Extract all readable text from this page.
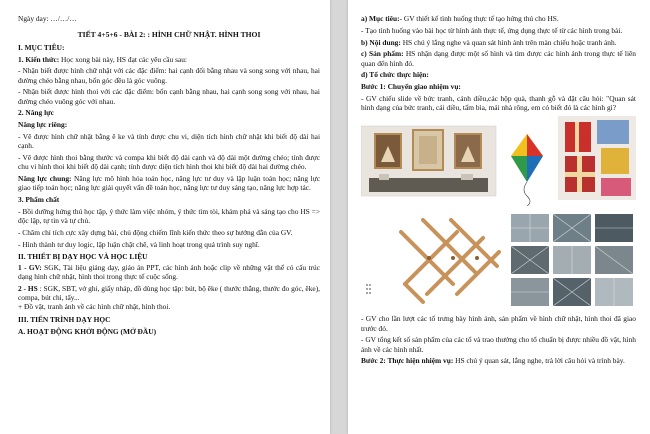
Ngày day: …/…/…

TIẾT 4+5+6 - BÀI 2: : HÌNH CHỮ NHẬT. HÌNH THOI

I. MỤC TIÊU:

1. Kiến thức: Học xong bài này, HS đạt các yêu cầu sau:

- Nhận biết được hình chữ nhật với các đặc điểm: hai cạnh đối bằng nhau và song song với nhau, hai đường chéo bằng nhau, bốn góc đều là góc vuông.

- Nhận biết được hình thoi với các đặc điểm: bốn cạnh bằng nhau, hai cạnh song song với nhau, hai đường chéo vuông góc với nhau.

2. Năng lực

Năng lực riêng:

- Vẽ được hình chữ nhật bằng ê ke và tính được chu vi, diện tích hình chữ nhật khi biết độ dài hai cạnh.

- Vẽ được hình thoi bằng thước và compa khi biết độ dài cạnh và độ dài một đường chéo; tính được chu vi hình thoi khi biết độ dài cạnh; tính được diện tích hình thoi khi biết độ dài hai đường chéo.

Năng lực chung: Năng lực mô hình hóa toán học, năng lực tư duy và lập luận toán học; năng lực giao tiếp toán học; năng lực giải quyết vấn đề toán học, năng lực tư duy sáng tạo, năng lực hợp tác.

3. Phẩm chất

- Bồi dưỡng hứng thú học tập, ý thức làm việc nhóm, ý thức tìm tòi, khám phá và sáng tạo cho HS => độc lập, tự tin và tự chủ.

- Chăm chỉ tích cực xây dựng bài, chủ động chiếm lĩnh kiến thức theo sự hướng dẫn của GV.

- Hình thành tư duy logic, lập luận chặt chẽ, và linh hoạt trong quá trình suy nghĩ.

II. THIẾT BỊ DẠY HỌC VÀ HỌC LIỆU

1 - GV: SGK, Tài liệu giảng dạy, giáo án PPT, các hình ảnh hoặc clip về những vật thể có cấu trúc dạng hình chữ nhật, hình thoi trong thực tế cuộc sống.

2 - HS : SGK, SBT, vở ghi, giấy nháp, đồ dùng học tập: bút, bộ êke ( thước thẳng, thước đo góc, êke), compa, bút chì, tẩy...

+ Đồ vật, tranh ảnh về các hình chữ nhật, hình thoi.

III. TIẾN TRÌNH DẠY HỌC

A. HOẠT ĐỘNG KHỞI ĐỘNG (MỞ ĐẦU)

a) Mục tiêu:- GV thiết kế tình huống thực tế tạo hứng thú cho HS.

- Tạo tình huống vào bài học từ hình ảnh thực tế, ứng dụng thực tế từ các hình trong bài.

b) Nội dung: HS chú ý lắng nghe và quan sát hình ảnh trên màn chiếu hoặc tranh ảnh.

c) Sản phẩm: HS nhận dạng được một số hình và tìm được các hình ảnh trong thực tế liên quan đến hình đó.

d) Tổ chức thực hiện:

Bước 1: Chuyển giao nhiệm vụ:

- GV chiếu slide về bức tranh, cánh diều,các hộp quà, thanh gỗ và đặt câu hỏi: "Quan sát hình dạng của bức tranh, cái diều, tấm bìa, mái nhà rông, em có biết đó là các hình gì?

- GV cho lần lượt các tổ trưng bày hình ảnh, sản phẩm về hình chữ nhật, hình thoi đã giao trước đó.

- GV tổng kết số sản phẩm của các tổ và trao thưởng cho tổ chuẩn bị được nhiều đồ vật, hình ảnh về các hình nhất.

Bước 2: Thực hiện nhiệm vụ: HS chú ý quan sát, lắng nghe, trả lời câu hỏi và trình bày.
